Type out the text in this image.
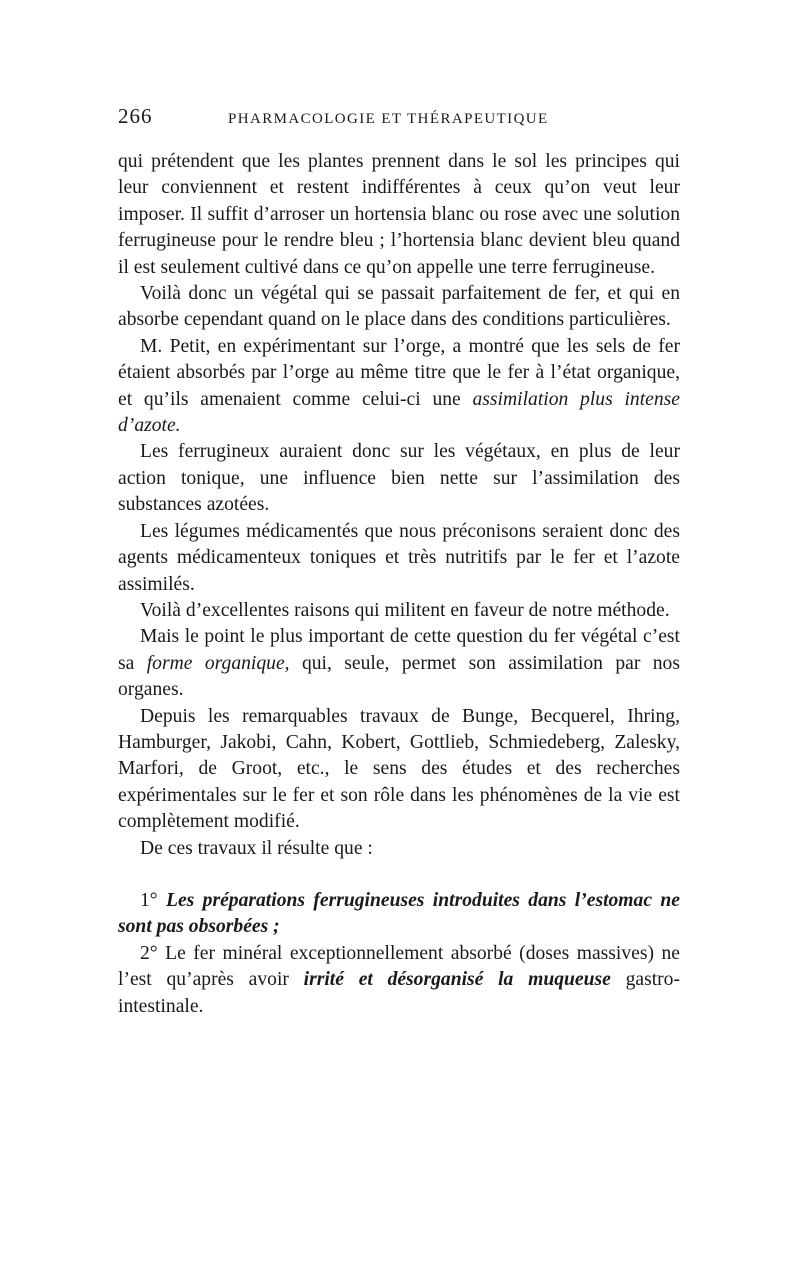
266	PHARMACOLOGIE ET THÉRAPEUTIQUE

qui prétendent que les plantes prennent dans le sol les principes qui leur conviennent et restent indifférentes à ceux qu’on veut leur imposer. Il suffit d’arroser un hortensia blanc ou rose avec une solution ferrugineuse pour le rendre bleu ; l’hortensia blanc devient bleu quand il est seulement cultivé dans ce qu’on appelle une terre ferrugineuse.

Voilà donc un végétal qui se passait parfaitement de fer, et qui en absorbe cependant quand on le place dans des conditions particulières.

M. Petit, en expérimentant sur l’orge, a montré que les sels de fer étaient absorbés par l’orge au même titre que le fer à l’état organique, et qu’ils amenaient comme celui-ci une assimilation plus intense d’azote.

Les ferrugineux auraient donc sur les végétaux, en plus de leur action tonique, une influence bien nette sur l’assimilation des substances azotées.

Les légumes médicamentés que nous préconisons seraient donc des agents médicamenteux toniques et très nutritifs par le fer et l’azote assimilés.

Voilà d’excellentes raisons qui militent en faveur de notre méthode.

Mais le point le plus important de cette question du fer végétal c’est sa forme organique, qui, seule, permet son assimilation par nos organes.

Depuis les remarquables travaux de Bunge, Becquerel, Ihring, Hamburger, Jakobi, Cahn, Kobert, Gottlieb, Schmiedeberg, Zalesky, Marfori, de Groot, etc., le sens des études et des recherches expérimentales sur le fer et son rôle dans les phénomènes de la vie est complètement modifié.

De ces travaux il résulte que :

1° Les préparations ferrugineuses introduites dans l’estomac ne sont pas obsorbées ;

2° Le fer minéral exceptionnellement absorbé (doses massives) ne l’est qu’après avoir irrité et désorganisé la muqueuse gastro-intestinale.
